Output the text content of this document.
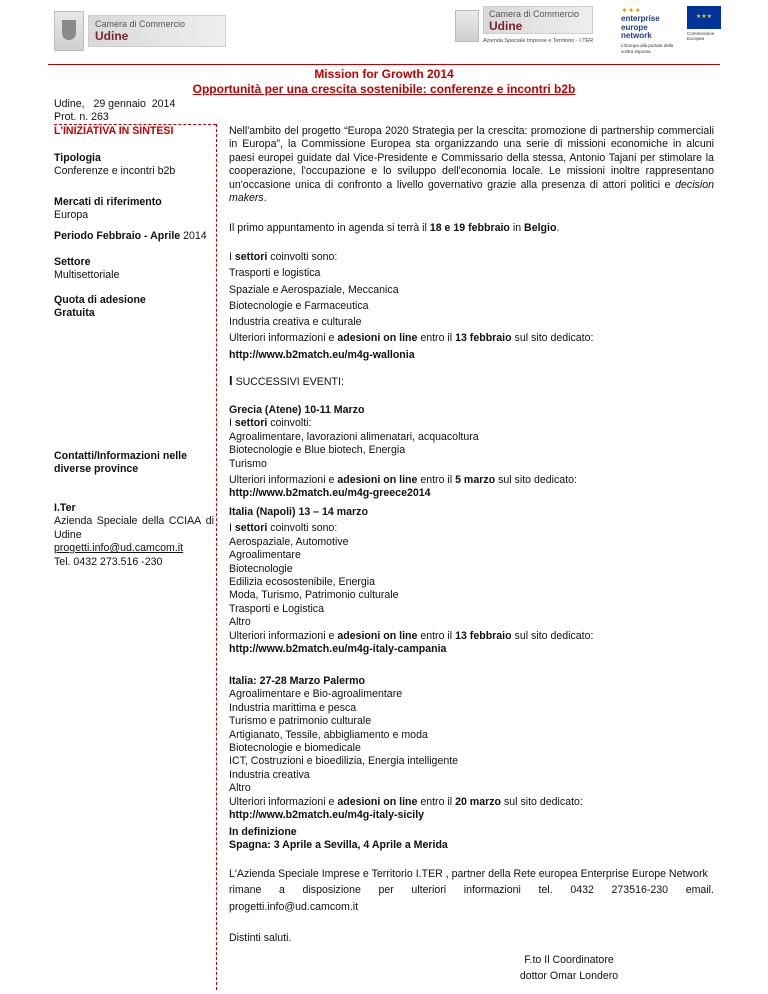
Camera di Commercio
Udine
Camera di Commercio
Udine
Azienda Speciale Imprese e Territorio - I.TER
✦✦✦
enterprise
europe
network
L'Europa alla portata della vostra impresa
★★★
Commissione Europea
Mission for Growth 2014
Opportunità per una crescita sostenibile: conferenze e incontri b2b
Udine,   29 gennaio  2014
Prot. n. 263
L'INIZIATIVA IN SINTESI
Tipologia
Conferenze e incontri b2b
Mercati di riferimento
Europa
Periodo Febbraio - Aprile 2014
Settore
Multisettoriale
Quota di adesione
Gratuita
Contatti/Informazioni nelle diverse province
I.Ter
Azienda Speciale della CCIAA di
Udine
progetti.info@ud.camcom.it
Tel. 0432 273.516 -230
Nell'ambito del progetto “Europa 2020 Strategia per la crescita: promozione di partnership commerciali in Europa”, la Commissione Europea sta organizzando una serie di missioni economiche in alcuni paesi europei guidate dal Vice-Presidente e Commissario della stessa, Antonio Tajani per stimolare la cooperazione, l'occupazione e lo sviluppo dell'economia locale. Le missioni inoltre rappresentano un'occasione unica di confronto a livello governativo grazie alla presenza di attori politici e decision makers.
Il primo appuntamento in agenda si terrà il 18 e 19 febbraio in Belgio.
I settori coinvolti sono:
Trasporti e logistica
Spaziale e Aerospaziale, Meccanica
Biotecnologie e Farmaceutica
Industria creativa e culturale
Ulteriori informazioni e adesioni on line entro il 13 febbraio sul sito dedicato:
http://www.b2match.eu/m4g-wallonia
I SUCCESSIVI EVENTI:
Grecia (Atene) 10-11 Marzo
I settori coinvolti:
Agroalimentare, lavorazioni alimenatari, acquacoltura
Biotecnologie e Blue biotech, Energia
Turismo
Ulteriori informazioni e adesioni on line entro il 5 marzo sul sito dedicato:
http://www.b2match.eu/m4g-greece2014
Italia (Napoli) 13 – 14 marzo
I settori coinvolti sono:
Aerospaziale, Automotive
Agroalimentare
Biotecnologie
Edilizia ecosostenibile, Energia
Moda, Turismo, Patrimonio culturale
Trasporti e Logistica
Altro
Ulteriori informazioni e adesioni on line entro il 13 febbraio sul sito dedicato:
http://www.b2match.eu/m4g-italy-campania
Italia: 27-28 Marzo Palermo
Agroalimentare e Bio-agroalimentare
Industria marittima e pesca
Turismo e patrimonio culturale
Artigianato, Tessile, abbigliamento e moda
Biotecnologie e biomedicale
ICT, Costruzioni e bioedilizia, Energia intelligente
Industria creativa
Altro
Ulteriori informazioni e adesioni on line entro il 20 marzo sul sito dedicato:
http://www.b2match.eu/m4g-italy-sicily
In definizione
Spagna: 3 Aprile a Sevilla, 4 Aprile a Merida
L'Azienda Speciale Imprese e Territorio I.TER , partner della Rete europea Enterprise Europe Network
rimane a disposizione per ulteriori informazioni tel. 0432 273516-230 email.
progetti.info@ud.camcom.it
Distinti saluti.
F.to Il Coordinatore
dottor Omar Londero
